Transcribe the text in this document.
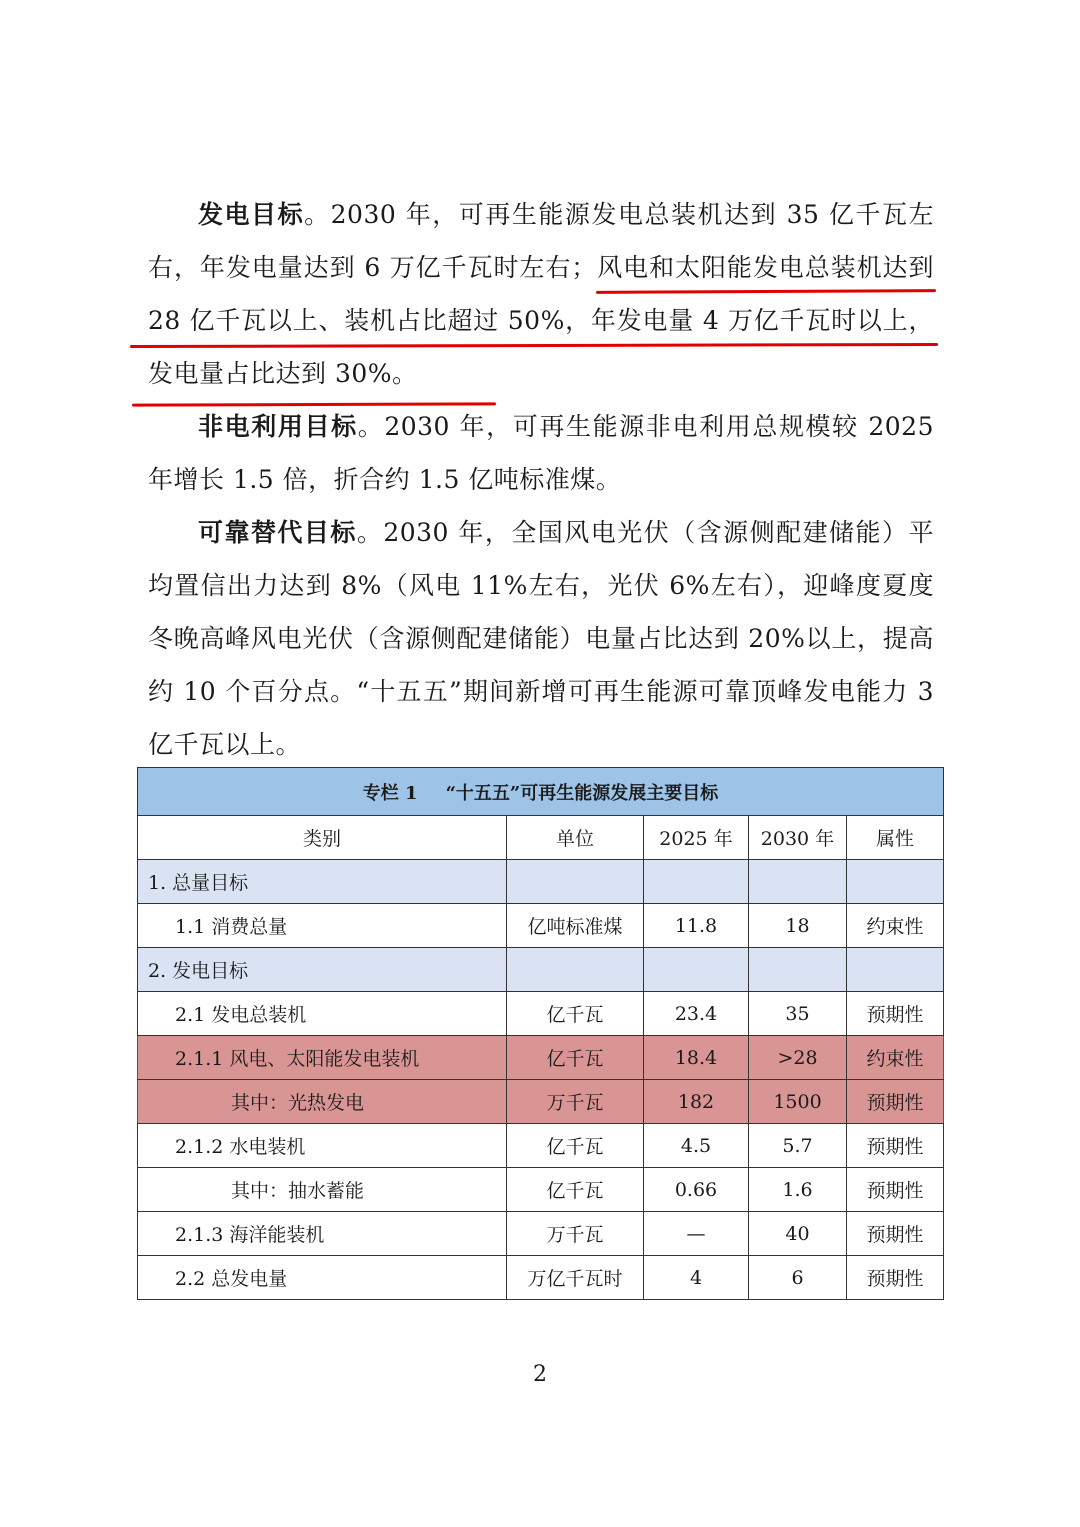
发电目标。2030 年，可再生能源发电总装机达到 35 亿千瓦左右，年发电量达到 6 万亿千瓦时左右；风电和太阳能发电总装机达到 28 亿千瓦以上、装机占比超过 50%，年发电量 4 万亿千瓦时以上，发电量占比达到 30%。

非电利用目标。2030 年，可再生能源非电利用总规模较 2025 年增长 1.5 倍，折合约 1.5 亿吨标准煤。

可靠替代目标。2030 年，全国风电光伏（含源侧配建储能）平均置信出力达到 8%（风电 11%左右，光伏 6%左右），迎峰度夏度冬晚高峰风电光伏（含源侧配建储能）电量占比达到 20%以上，提高约 10 个百分点。“十五五”期间新增可再生能源可靠顶峰发电能力 3 亿千瓦以上。

专栏 1 “十五五”可再生能源发展主要目标				
类别	单位	2025 年	2030 年	属性
1. 总量目标				
1.1 消费总量	亿吨标准煤	11.8	18	约束性
2. 发电目标				
2.1 发电总装机	亿千瓦	23.4	35	预期性
2.1.1 风电、太阳能发电装机	亿千瓦	18.4	>28	约束性
其中：光热发电	万千瓦	182	1500	预期性
2.1.2 水电装机	亿千瓦	4.5	5.7	预期性
其中：抽水蓄能	亿千瓦	0.66	1.6	预期性
2.1.3 海洋能装机	万千瓦	—	40	预期性
2.2 总发电量	万亿千瓦时	4	6	预期性
2
